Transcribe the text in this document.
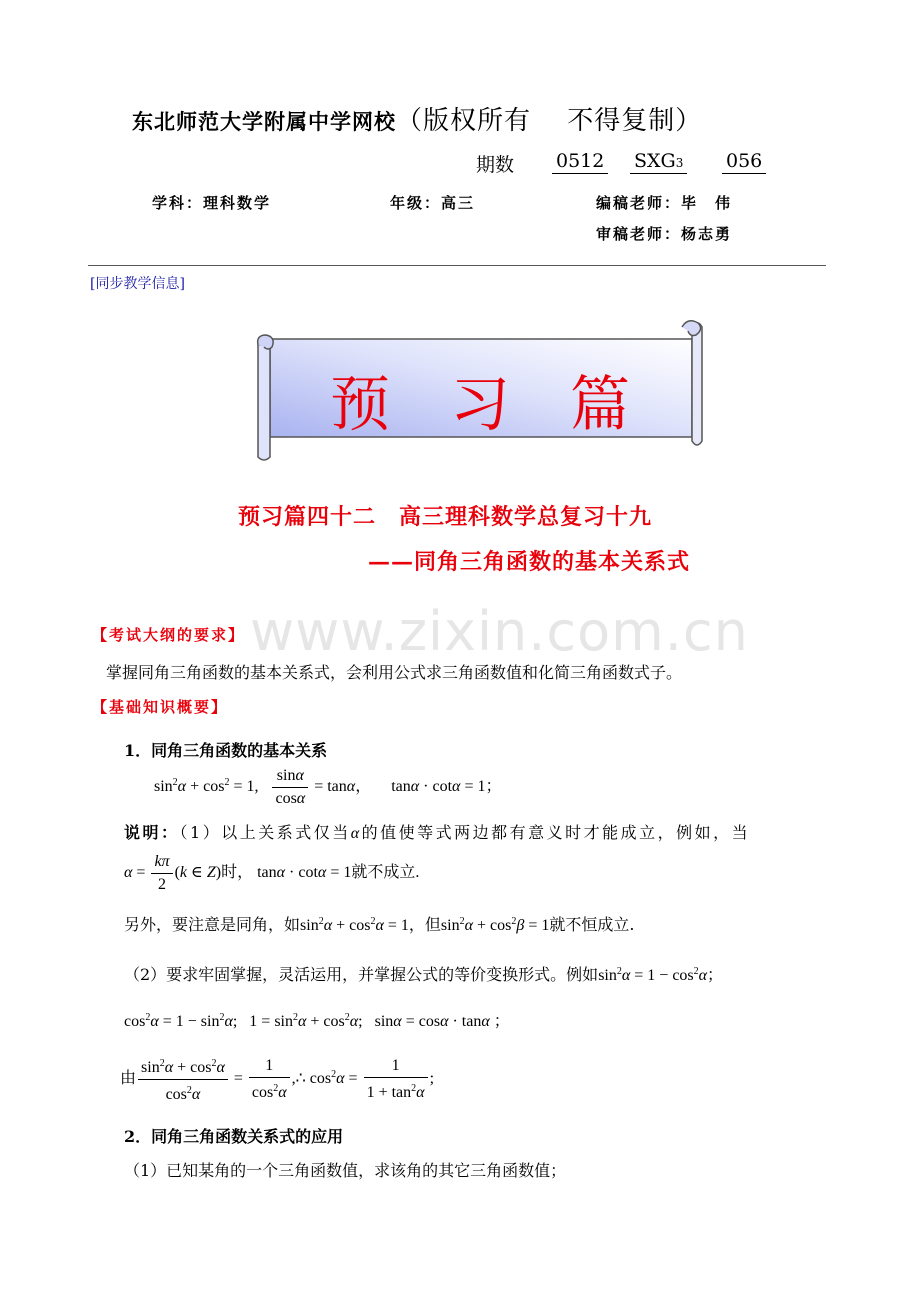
东北师范大学附属中学网校（版权所有　 不得复制）
期数 0512 SXG3 056
学科：理科数学	年级：高三	编稿老师：毕　伟
审稿老师：杨志勇
[同步教学信息]
预　习　篇
预习篇四十二　高三理科数学总复习十九
——同角三角函数的基本关系式
www.zixin.com.cn
【考试大纲的要求】
掌握同角三角函数的基本关系式，会利用公式求三角函数值和化简三角函数式子。
【基础知识概要】
1．同角三角函数的基本关系
$\sin^2\alpha + \cos^2 = 1$, $\frac{\sin\alpha}{\cos\alpha} = \tan\alpha$，     tanα · cotα = 1；
说明：（1）以上关系式仅当α的值使等式两边都有意义时才能成立，例如，当
$\alpha = \frac{k\pi}{2} (k$ ∈ Z)时， tanα · cotα = 1就不成立.
另外，要注意是同角，如$\sin^2\alpha + \cos^2\alpha = 1$，但$\sin^2\alpha + \cos^2\beta = 1$就不恒成立.
（2）要求牢固掌握，灵活运用，并掌握公式的等价变换形式。例如$\sin^2\alpha = 1 - \cos^2\alpha$；
$\cos^2\alpha = 1 - \sin^2\alpha$;   $1 = \sin^2\alpha + \cos^2\alpha$;   sinα = cosα · tanα ；
由 $\frac{\sin^2\alpha + \cos^2\alpha}{\cos^2\alpha} = \frac{1}{\cos^2\alpha}$ ,∴ $\cos^2\alpha = \frac{1}{1 + \tan^2\alpha}$ ;
2．同角三角函数关系式的应用
（1）已知某角的一个三角函数值，求该角的其它三角函数值；
